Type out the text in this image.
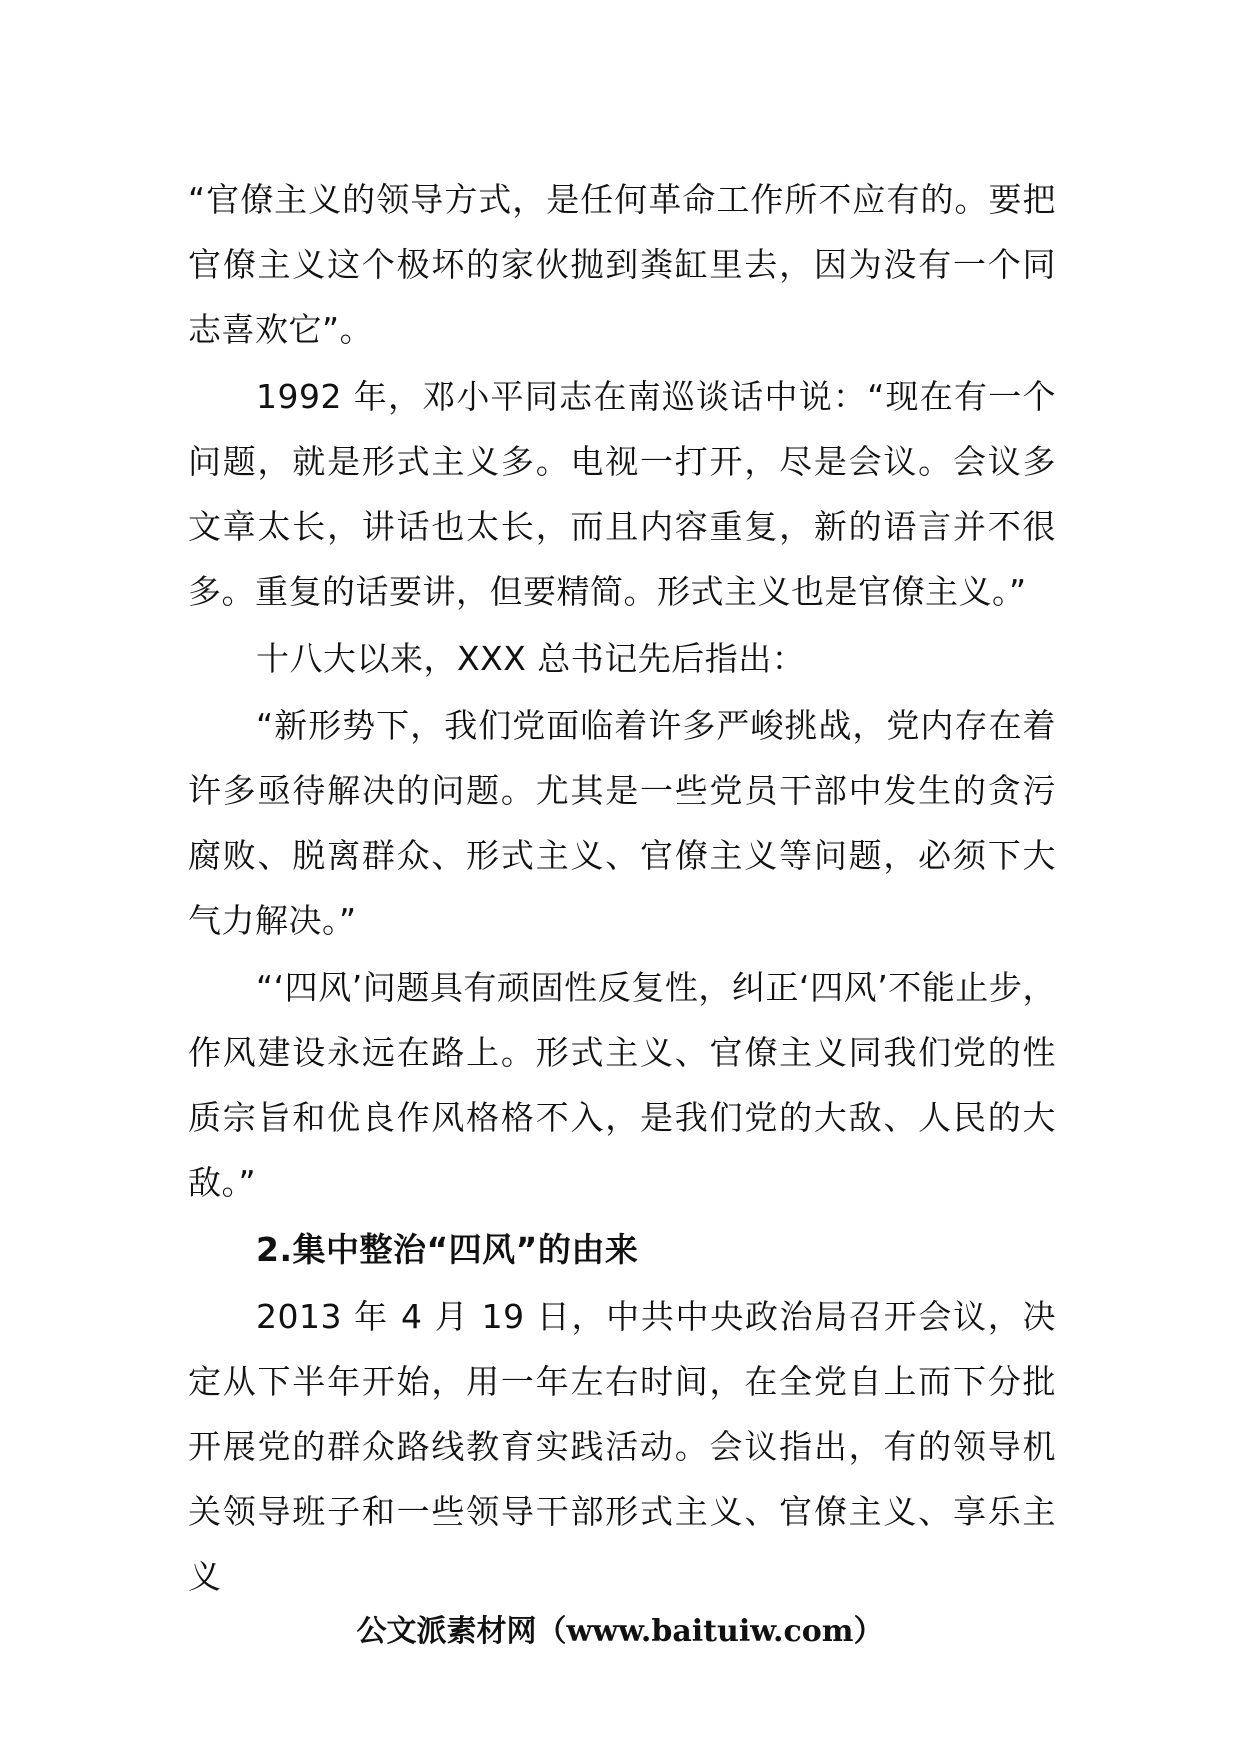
“官僚主义的领导方式，是任何革命工作所不应有的。要把官僚主义这个极坏的家伙抛到粪缸里去，因为没有一个同志喜欢它”。

1992 年，邓小平同志在南巡谈话中说：“现在有一个问题，就是形式主义多。电视一打开，尽是会议。会议多文章太长，讲话也太长，而且内容重复，新的语言并不很多。重复的话要讲，但要精简。形式主义也是官僚主义。”

十八大以来，XXX 总书记先后指出：

“新形势下，我们党面临着许多严峻挑战，党内存在着许多亟待解决的问题。尤其是一些党员干部中发生的贪污腐败、脱离群众、形式主义、官僚主义等问题，必须下大气力解决。”

“‘四风’问题具有顽固性反复性，纠正‘四风’不能止步，作风建设永远在路上。形式主义、官僚主义同我们党的性质宗旨和优良作风格格不入，是我们党的大敌、人民的大敌。”

2.集中整治“四风”的由来

2013 年 4 月 19 日，中共中央政治局召开会议，决定从下半年开始，用一年左右时间，在全党自上而下分批开展党的群众路线教育实践活动。会议指出，有的领导机关领导班子和一些领导干部形式主义、官僚主义、享乐主义

公文派素材网（www.baituiw.com）
